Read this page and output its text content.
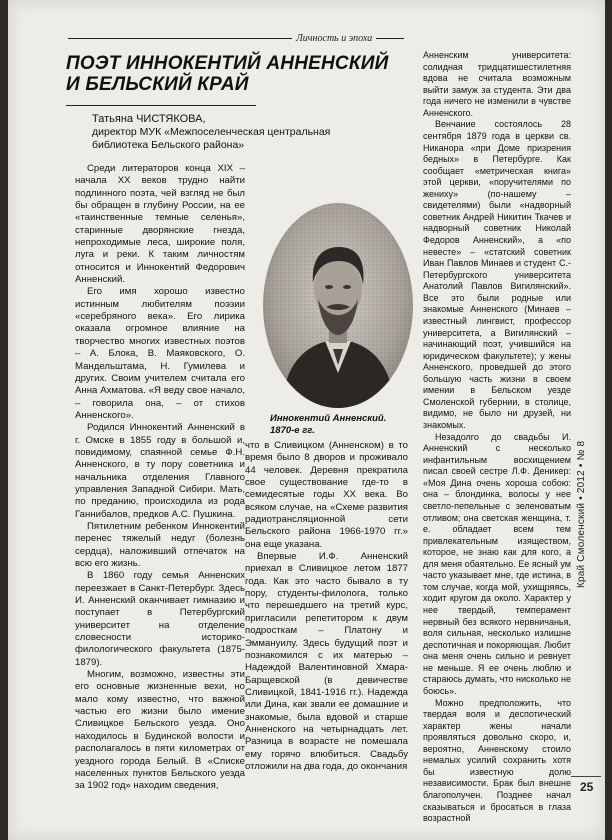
Личность и эпоха
ПОЭТ ИННОКЕНТИЙ АННЕНСКИЙ
И БЕЛЬСКИЙ КРАЙ
Татьяна ЧИСТЯКОВА,
директор МУК «Межпоселенческая центральная библиотека Бельского района»

Среди литераторов конца XIX – начала XX веков трудно найти подлинного поэта, чей взгляд не был бы обращен в глубину России, на ее «таинственные темные селенья», старинные дворянские гнезда, непроходимые леса, широкие поля, луга и реки. К таким личностям относится и Иннокентий Федорович Анненский.

Его имя хорошо известно истинным любителям поэзии «серебряного века». Его лирика оказала огромное влияние на творчество многих известных поэтов – А. Блока, В. Маяковского, О. Мандельштама, Н. Гумилева и других. Своим учителем считала его Анна Ахматова. «Я веду свое начало, – говорила она, – от стихов Анненского».

Родился Иннокентий Анненский в г. Омске в 1855 году в большой и, повидимому, спаянной семье Ф.Н. Анненского, в ту пору советника и начальника отделения Главного управления Западной Сибири. Мать, по преданию, происходила из рода Ганнибалов, предков А.С. Пушкина.

Пятилетним ребенком Иннокентий перенес тяжелый недуг (болезнь сердца), наложивший отпечаток на всю его жизнь.

В 1860 году семья Анненских переезжает в Санкт-Петербург. Здесь И. Анненский оканчивает гимназию и поступает в Петербургский университет на отделение словесности историко-филологического факультета (1875-1879).

Многим, возможно, известны эти его основные жизненные вехи, но мало кому известно, что важной частью его жизни было имение Сливицкое Бельского уезда. Оно находилось в Будинской волости и располагалось в пяти километрах от уездного города Белый. В «Списке населенных пунктов Бельского уезда за 1902 год» находим сведения,

Иннокентий Анненский. 1870-е гг.

что в Сливицком (Анненском) в то время было 8 дворов и проживало 44 человек. Деревня прекратила свое существование где-то в семидесятые годы XX века. Во всяком случае, на «Схеме развития радиотрансляционной сети Бельского района 1966-1970 гг.» она еще указана.

Впервые И.Ф. Анненский приехал в Сливицкое летом 1877 года. Как это часто бывало в ту пору, студенты-филолога, только что перешедшего на третий курс, пригласили репетитором к двум подросткам – Платону и Эммануилу. Здесь будущий поэт и познакомился с их матерью – Надеждой Валентиновной Хмара-Барщевской (в девичестве Сливицкой, 1841-1916 гг.). Надежда или Дина, как звали ее домашние и знакомые, была вдовой и старше Анненского на четырнадцать лет. Разница в возрасте не помешала ему горячо влюбиться. Свадьбу отложили на два года, до окончания

Анненским университета: солидная тридцатишестилетняя вдова не считала возможным выйти замуж за студента. Эти два года ничего не изменили в чувстве Анненского.

Венчание состоялось 28 сентября 1879 года в церкви св. Никанора «при Доме призрения бедных» в Петербурге. Как сообщает «метрическая книга» этой церкви, «поручителями по жениху» (по-нашему – свидетелями) были «надворный советник Андрей Никитин Ткачев и надворный советник Николай Федоров Анненский», а «по невесте» – «статский советник Иван Павлов Минаев и студент С.-Петербургского университета Анатолий Павлов Вигилянский». Все это были родные или знакомые Анненского (Минаев – известный лингвист, профессор университета, а Вигилянский – начинающий поэт, учившийся на юридическом факультете); у жены Анненского, проведшей до этого большую часть жизни в своем имении в Бельском уезде Смоленской губернии, в столице, видимо, не было ни друзей, ни знакомых.

Незадолго до свадьбы И. Анненский с несколько инфантильным восхищением писал своей сестре Л.Ф. Деникер: «Моя Дина очень хороша собою: она – блондинка, волосы у нее светло-пепельные с зеленоватым отливом; она светская женщина, т. е. обладает всем тем привлекательным изяществом, которое, не знаю как для кого, а для меня обаятельно. Ее ясный ум часто указывает мне, где истина, в том случае, когда мой, ухищряясь, ходит кругом да около. Характер у нее твердый, темперамент нервный без всякого нервничанья, воля сильная, несколько излишне деспотичная и покоряющая. Любит она меня очень сильно и ревнует не меньше. Я ее очень люблю и стараюсь думать, что нисколько не боюсь».

Можно предположить, что твердая воля и деспотический характер жены начали проявляться довольно скоро, и, вероятно, Анненскому стоило немалых усилий сохранить хотя бы известную долю независимости. Брак был внешне благополучен. Позднее начал сказываться и бросаться в глаза возрастной

Край Смоленский • 2012 • № 8
25
